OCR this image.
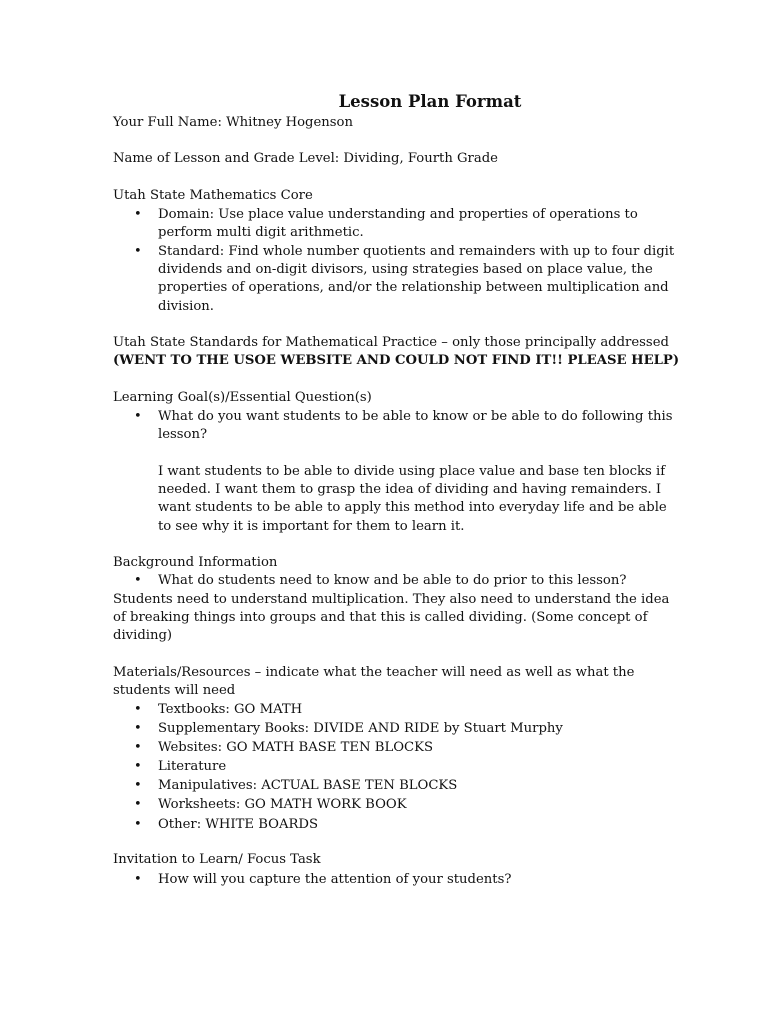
Lesson Plan Format
Your Full Name: Whitney Hogenson
Name of Lesson and Grade Level: Dividing, Fourth Grade
Utah State Mathematics Core
• Domain: Use place value understanding and properties of operations to
perform multi digit arithmetic.
• Standard: Find whole number quotients and remainders with up to four digit
dividends and on-digit divisors, using strategies based on place value, the
properties of operations, and/or the relationship between multiplication and
division.
Utah State Standards for Mathematical Practice – only those principally addressed
(WENT TO THE USOE WEBSITE AND COULD NOT FIND IT!! PLEASE HELP)
Learning Goal(s)/Essential Question(s)
• What do you want students to be able to know or be able to do following this
lesson?
I want students to be able to divide using place value and base ten blocks if
needed. I want them to grasp the idea of dividing and having remainders. I
want students to be able to apply this method into everyday life and be able
to see why it is important for them to learn it.
Background Information
• What do students need to know and be able to do prior to this lesson?
Students need to understand multiplication. They also need to understand the idea
of breaking things into groups and that this is called dividing. (Some concept of
dividing)
Materials/Resources – indicate what the teacher will need as well as what the
students will need
• Textbooks: GO MATH
• Supplementary Books: DIVIDE AND RIDE by Stuart Murphy
• Websites: GO MATH BASE TEN BLOCKS
• Literature
• Manipulatives: ACTUAL BASE TEN BLOCKS
• Worksheets: GO MATH WORK BOOK
• Other: WHITE BOARDS
Invitation to Learn/ Focus Task
• How will you capture the attention of your students?
